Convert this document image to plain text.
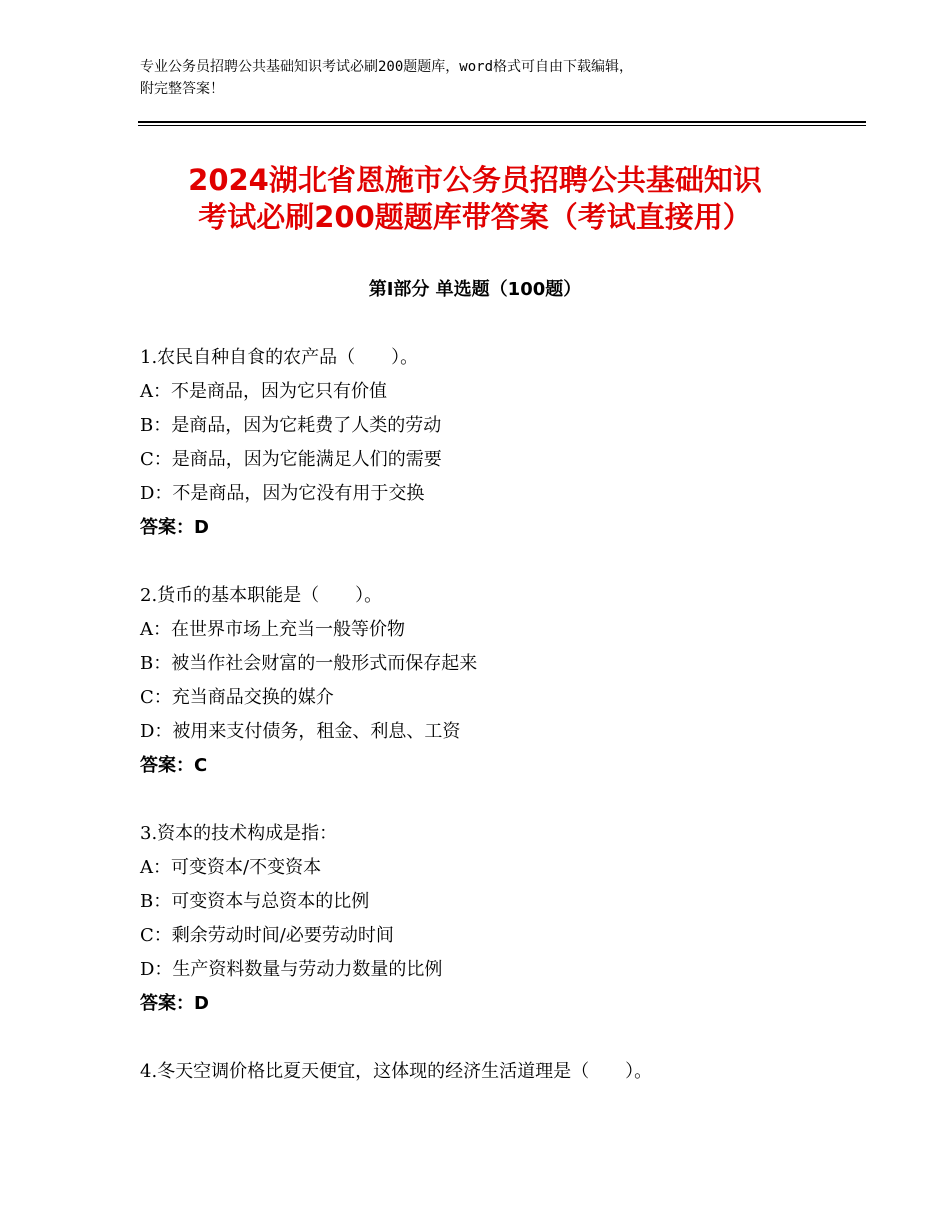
专业公务员招聘公共基础知识考试必刷200题题库，word格式可自由下载编辑，
附完整答案！
2024湖北省恩施市公务员招聘公共基础知识
考试必刷200题题库带答案（考试直接用）
第Ⅰ部分 单选题（100题）
1.农民自种自食的农产品（　　）。
A：不是商品，因为它只有价值
B：是商品，因为它耗费了人类的劳动
C：是商品，因为它能满足人们的需要
D：不是商品，因为它没有用于交换
答案：D
2.货币的基本职能是（　　）。
A：在世界市场上充当一般等价物
B：被当作社会财富的一般形式而保存起来
C：充当商品交换的媒介
D：被用来支付债务，租金、利息、工资
答案：C
3.资本的技术构成是指：
A：可变资本/不变资本
B：可变资本与总资本的比例
C：剩余劳动时间/必要劳动时间
D：生产资料数量与劳动力数量的比例
答案：D
4.冬天空调价格比夏天便宜，这体现的经济生活道理是（　　）。
